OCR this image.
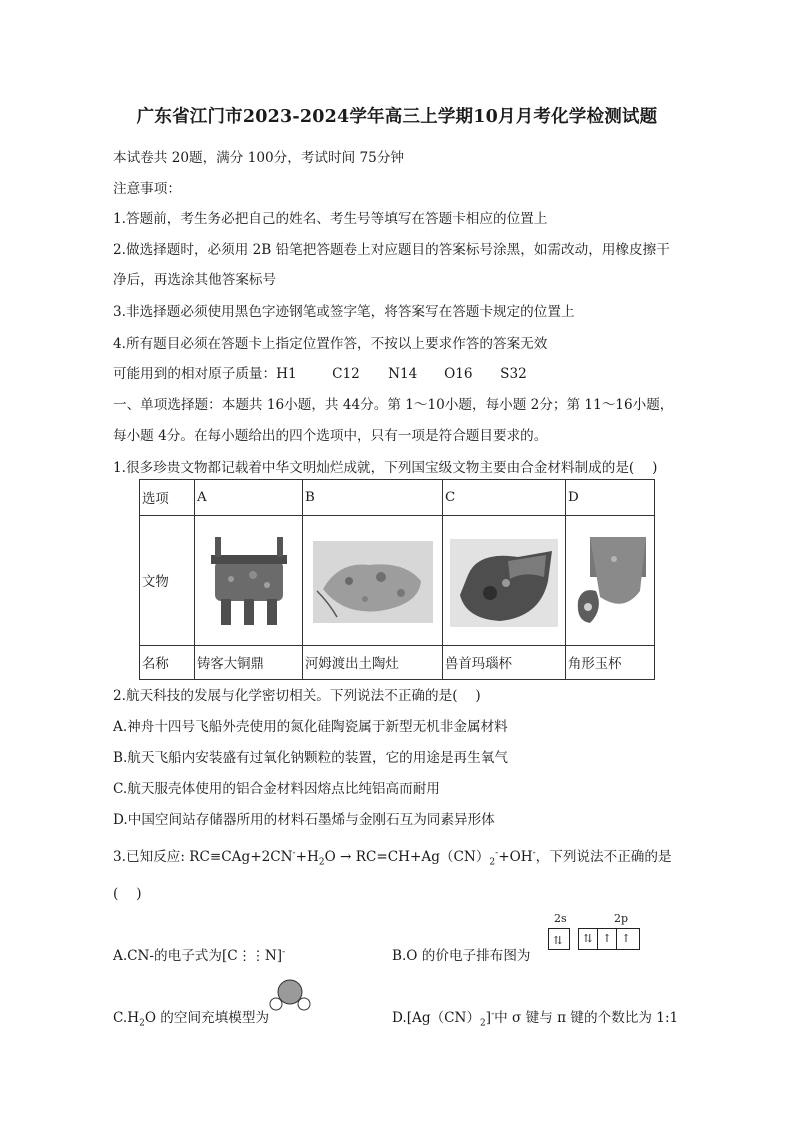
广东省江门市2023-2024学年高三上学期10月月考化学检测试题
本试卷共 20题，满分 100分，考试时间 75分钟
注意事项：
1.答题前，考生务必把自己的姓名、考生号等填写在答题卡相应的位置上
2.做选择题时，必须用 2B 铅笔把答题卷上对应题目的答案标号涂黑，如需改动，用橡皮擦干
净后，再选涂其他答案标号
3.非选择题必须使用黑色字迹钢笔或签字笔，将答案写在答题卡规定的位置上
4.所有题目必须在答题卡上指定位置作答，不按以上要求作答的答案无效
可能用到的相对原子质量：H1	C12 N14 O16 S32
一、单项选择题：本题共 16小题，共 44分。第 1～10小题，每小题 2分；第 11～16小题，
每小题 4分。在每小题给出的四个选项中，只有一项是符合题目要求的。
1.很多珍贵文物都记载着中华文明灿烂成就，下列国宝级文物主要由合金材料制成的是(　 )
选项	A	B	C	D
文物	

名称	铸客大铜鼎	河姆渡出土陶灶	兽首玛瑙杯	角形玉杯
2.航天科技的发展与化学密切相关。下列说法不正确的是(　 )
A.神舟十四号飞船外壳使用的氮化硅陶瓷属于新型无机非金属材料
B.航天飞船内安装盛有过氧化钠颗粒的装置，它的用途是再生氧气
C.航天服壳体使用的铝合金材料因熔点比纯铝高而耐用
D.中国空间站存储器所用的材料石墨烯与金刚石互为同素异形体
3.已知反应: $RC\equiv CAg+2CN^-+H_2O \to RC=CH+Ag(CN)_2^-+OH^-$，下列说法不正确的是
(　 )
A.CN-的电子式为[C⋮⋮N]-	B.O 的价电子排布图为
2s	2p
⇅	⇅ ↑ ↑
$C.H_2O$ 的空间充填模型为	$D.[Ag(CN)_2]^-$中 σ 键与 π 键的个数比为 1:1
